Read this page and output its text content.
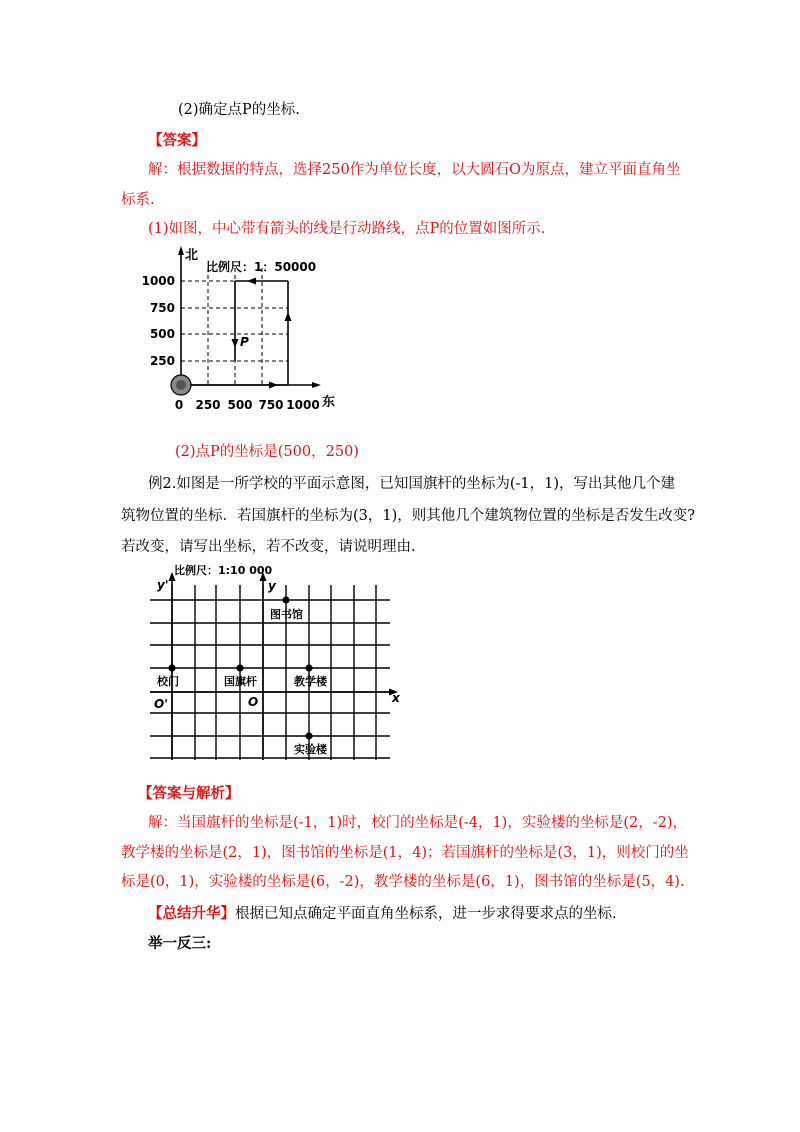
(2)确定点P的坐标.
【答案】
解：根据数据的特点，选择250作为单位长度，以大圆石O为原点，建立平面直角坐
标系.
(1)如图，中心带有箭头的线是行动路线，点P的位置如图所示.
北
比例尺：1：50000
1000
750
500
250
0 250 500 750 1000 东
P
(2)点P的坐标是(500，250)
例2.如图是一所学校的平面示意图，已知国旗杆的坐标为(-1，1)，写出其他几个建
筑物位置的坐标．若国旗杆的坐标为(3，1)，则其他几个建筑物位置的坐标是否发生改变?
若改变，请写出坐标，若不改变，请说明理由.
比例尺：1:10 000
y'	y
x
图书馆
校门	国旗杆	教学楼
实验楼
O'	O
【答案与解析】
解：当国旗杆的坐标是(-1，1)时，校门的坐标是(-4，1)，实验楼的坐标是(2，-2)，
教学楼的坐标是(2，1)，图书馆的坐标是(1，4)；若国旗杆的坐标是(3，1)，则校门的坐
标是(0，1)，实验楼的坐标是(6，-2)，教学楼的坐标是(6，1)，图书馆的坐标是(5，4).
【总结升华】根据已知点确定平面直角坐标系，进一步求得要求点的坐标.
举一反三:
